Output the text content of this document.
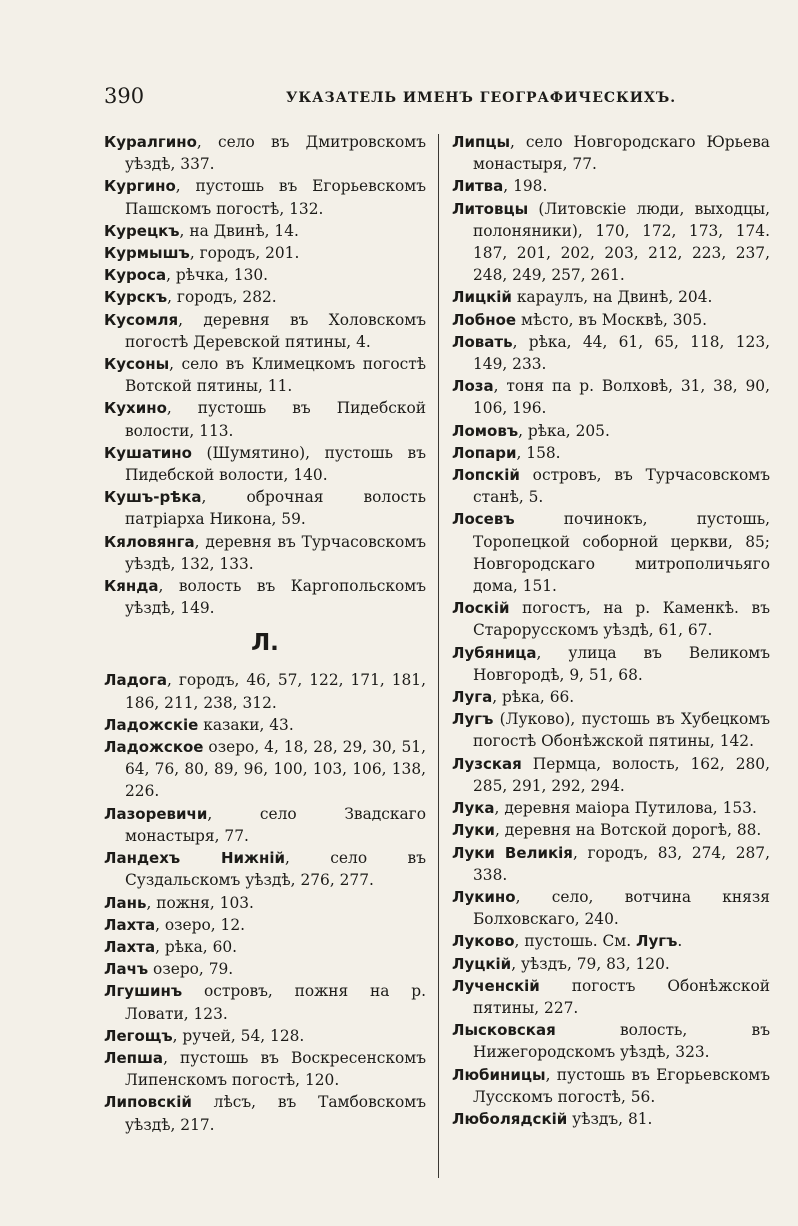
390	УКАЗАТЕЛЬ ИМЕНЪ ГЕОГРАФИЧЕСКИХЪ.

Куралгино, село въ Дмитровскомъ уѣздѣ, 337.

Кургино, пустошь въ Егорьевскомъ Пашскомъ погостѣ, 132.

Курецкъ, на Двинѣ, 14.

Курмышъ, городъ, 201.

Куроса, рѣчка, 130.

Курскъ, городъ, 282.

Кусомля, деревня въ Холовскомъ погостѣ Деревской пятины, 4.

Кусоны, село въ Климецкомъ погостѣ Вотской пятины, 11.

Кухино, пустошь въ Пидебской волости, 113.

Кушатино (Шумятино), пустошь въ Пидебской волости, 140.

Кушъ-рѣка, оброчная волость патріарха Никона, 59.

Кяловянга, деревня въ Турчасовскомъ уѣздѣ, 132, 133.

Кянда, волость въ Каргопольскомъ уѣздѣ, 149.

Л.

Ладога, городъ, 46, 57, 122, 171, 181, 186, 211, 238, 312.

Ладожскіе казаки, 43.

Ладожское озеро, 4, 18, 28, 29, 30, 51, 64, 76, 80, 89, 96, 100, 103, 106, 138, 226.

Лазоревичи, село Звадскаго монастыря, 77.

Ландехъ Нижній, село въ Суздальскомъ уѣздѣ, 276, 277.

Лань, пожня, 103.

Лахта, озеро, 12.

Лахта, рѣка, 60.

Лачъ озеро, 79.

Лгушинъ островъ, пожня на р. Ловати, 123.

Легощъ, ручей, 54, 128.

Лепша, пустошь въ Воскресенскомъ Липенскомъ погостѣ, 120.

Липовскій лѣсъ, въ Тамбовскомъ уѣздѣ, 217.

Липцы, село Новгородскаго Юрьева монастыря, 77.

Литва, 198.

Литовцы (Литовскіе люди, выходцы, полоняники), 170, 172, 173, 174. 187, 201, 202, 203, 212, 223, 237, 248, 249, 257, 261.

Лицкій караулъ, на Двинѣ, 204.

Лобное мѣсто, въ Москвѣ, 305.

Ловать, рѣка, 44, 61, 65, 118, 123, 149, 233.

Лоза, тоня па р. Волховѣ, 31, 38, 90, 106, 196.

Ломовъ, рѣка, 205.

Лопари, 158.

Лопскій островъ, въ Турчасовскомъ станѣ, 5.

Лосевъ починокъ, пустошь, Торопецкой соборной церкви, 85; Новгородскаго митрополичьяго дома, 151.

Лоскій погостъ, на р. Каменкѣ. въ Старорусскомъ уѣздѣ, 61, 67.

Лубяница, улица въ Великомъ Новгородѣ, 9, 51, 68.

Луга, рѣка, 66.

Лугъ (Луково), пустошь въ Хубецкомъ погостѣ Обонѣжской пятины, 142.

Лузская Пермца, волость, 162, 280, 285, 291, 292, 294.

Лука, деревня маіора Путилова, 153.

Луки, деревня на Вотской дорогѣ, 88.

Луки Великія, городъ, 83, 274, 287, 338.

Лукино, село, вотчина князя Болховскаго, 240.

Луково, пустошь. См. Лугъ.

Луцкій, уѣздъ, 79, 83, 120.

Лученскій погостъ Обонѣжской пятины, 227.

Лысковская волость, въ Нижегородскомъ уѣздѣ, 323.

Любиницы, пустошь въ Егорьевскомъ Лусскомъ погостѣ, 56.

Люболядскій уѣздъ, 81.
